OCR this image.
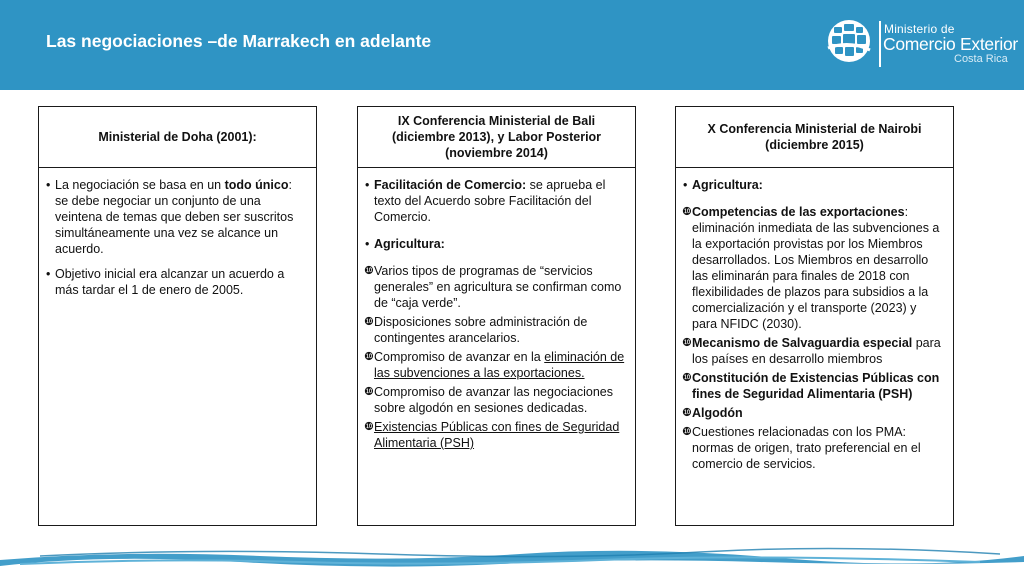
Las negociaciones –de Marrakech en adelante
Ministerio de
Comercio Exterior
Costa Rica
Ministerial de Doha (2001):
• La negociación se basa en un todo único: se debe negociar un conjunto de una veintena de temas que deben ser suscritos simultáneamente una vez se alcance un acuerdo.
• Objetivo inicial era alcanzar un acuerdo a más tardar el 1 de enero de 2005.
IX Conferencia Ministerial de Bali (diciembre 2013), y Labor Posterior (noviembre 2014)
• Facilitación de Comercio: se aprueba el texto del Acuerdo sobre Facilitación del Comercio.
• Agricultura:
❿ Varios tipos de programas de “servicios generales” en agricultura se confirman como de “caja verde”.
❿ Disposiciones sobre administración de contingentes arancelarios.
❿ Compromiso de avanzar en la eliminación de las subvenciones a las exportaciones.
❿ Compromiso de avanzar las negociaciones sobre algodón en sesiones dedicadas.
❿ Existencias Públicas con fines de Seguridad Alimentaria (PSH)
X Conferencia Ministerial de Nairobi (diciembre 2015)
• Agricultura:
❿ Competencias de las exportaciones: eliminación inmediata de las subvenciones a la exportación provistas por los Miembros desarrollados. Los Miembros en desarrollo las eliminarán para finales de 2018 con flexibilidades de plazos para subsidios a la comercialización y el transporte (2023) y para NFIDC (2030).
❿ Mecanismo de Salvaguardia especial para los países en desarrollo miembros
❿ Constitución de Existencias Públicas con fines de Seguridad Alimentaria (PSH)
❿ Algodón
❿ Cuestiones relacionadas con los PMA: normas de origen, trato preferencial en el comercio de servicios.
